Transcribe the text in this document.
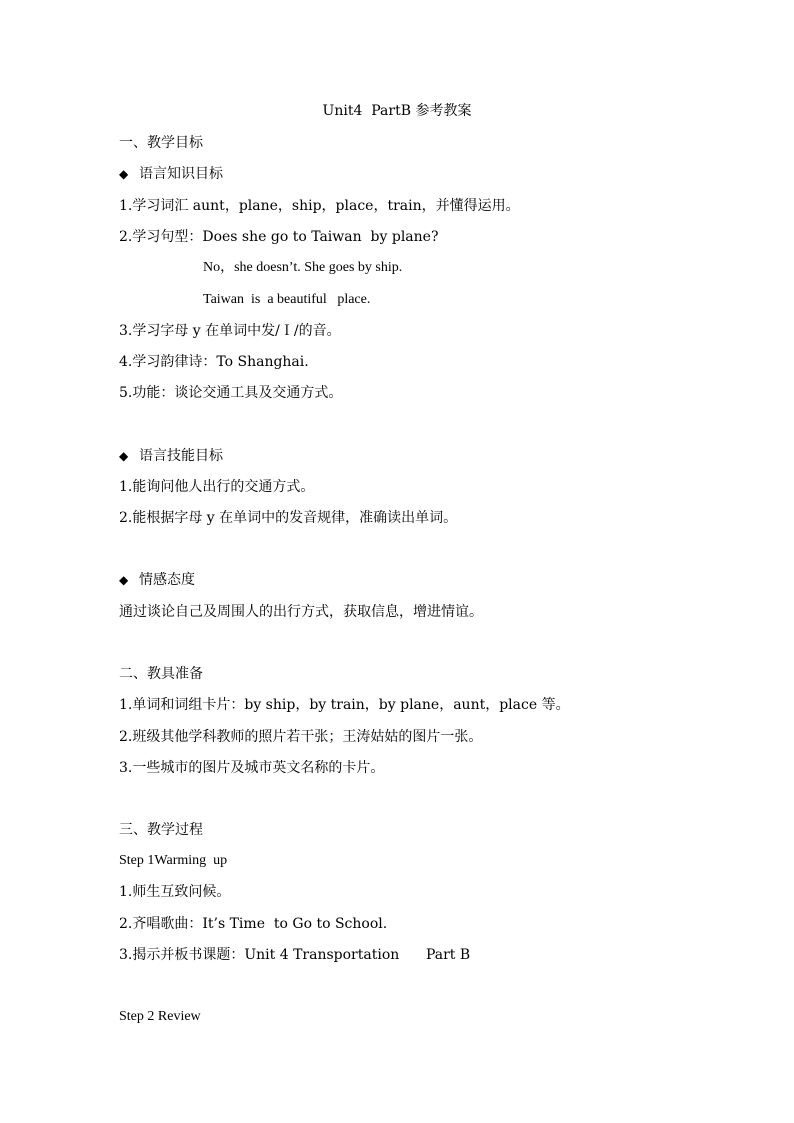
Unit4  PartB 参考教案
一、教学目标
◆ 语言知识目标
1.学习词汇 aunt，plane，ship，place，train，并懂得运用。
2.学习句型：Does she go to Taiwan  by plane?
No，she doesn’t. She goes by ship.
Taiwan  is  a beautiful   place.
3.学习字母 y 在单词中发/Ｉ/的音。
4.学习韵律诗：To Shanghai.
5.功能：谈论交通工具及交通方式。
◆ 语言技能目标
1.能询问他人出行的交通方式。
2.能根据字母 y 在单词中的发音规律，准确读出单词。
◆ 情感态度
通过谈论自己及周围人的出行方式，获取信息，增进情谊。
二、教具准备
1.单词和词组卡片：by ship，by train，by plane，aunt，place 等。
2.班级其他学科教师的照片若干张；王涛姑姑的图片一张。
3.一些城市的图片及城市英文名称的卡片。
三、教学过程
Step 1Warming  up
1.师生互致问候。
2.齐唱歌曲：It’s Time  to Go to School.
3.揭示并板书课题：Unit 4 Transportation      Part B
Step 2 Review
